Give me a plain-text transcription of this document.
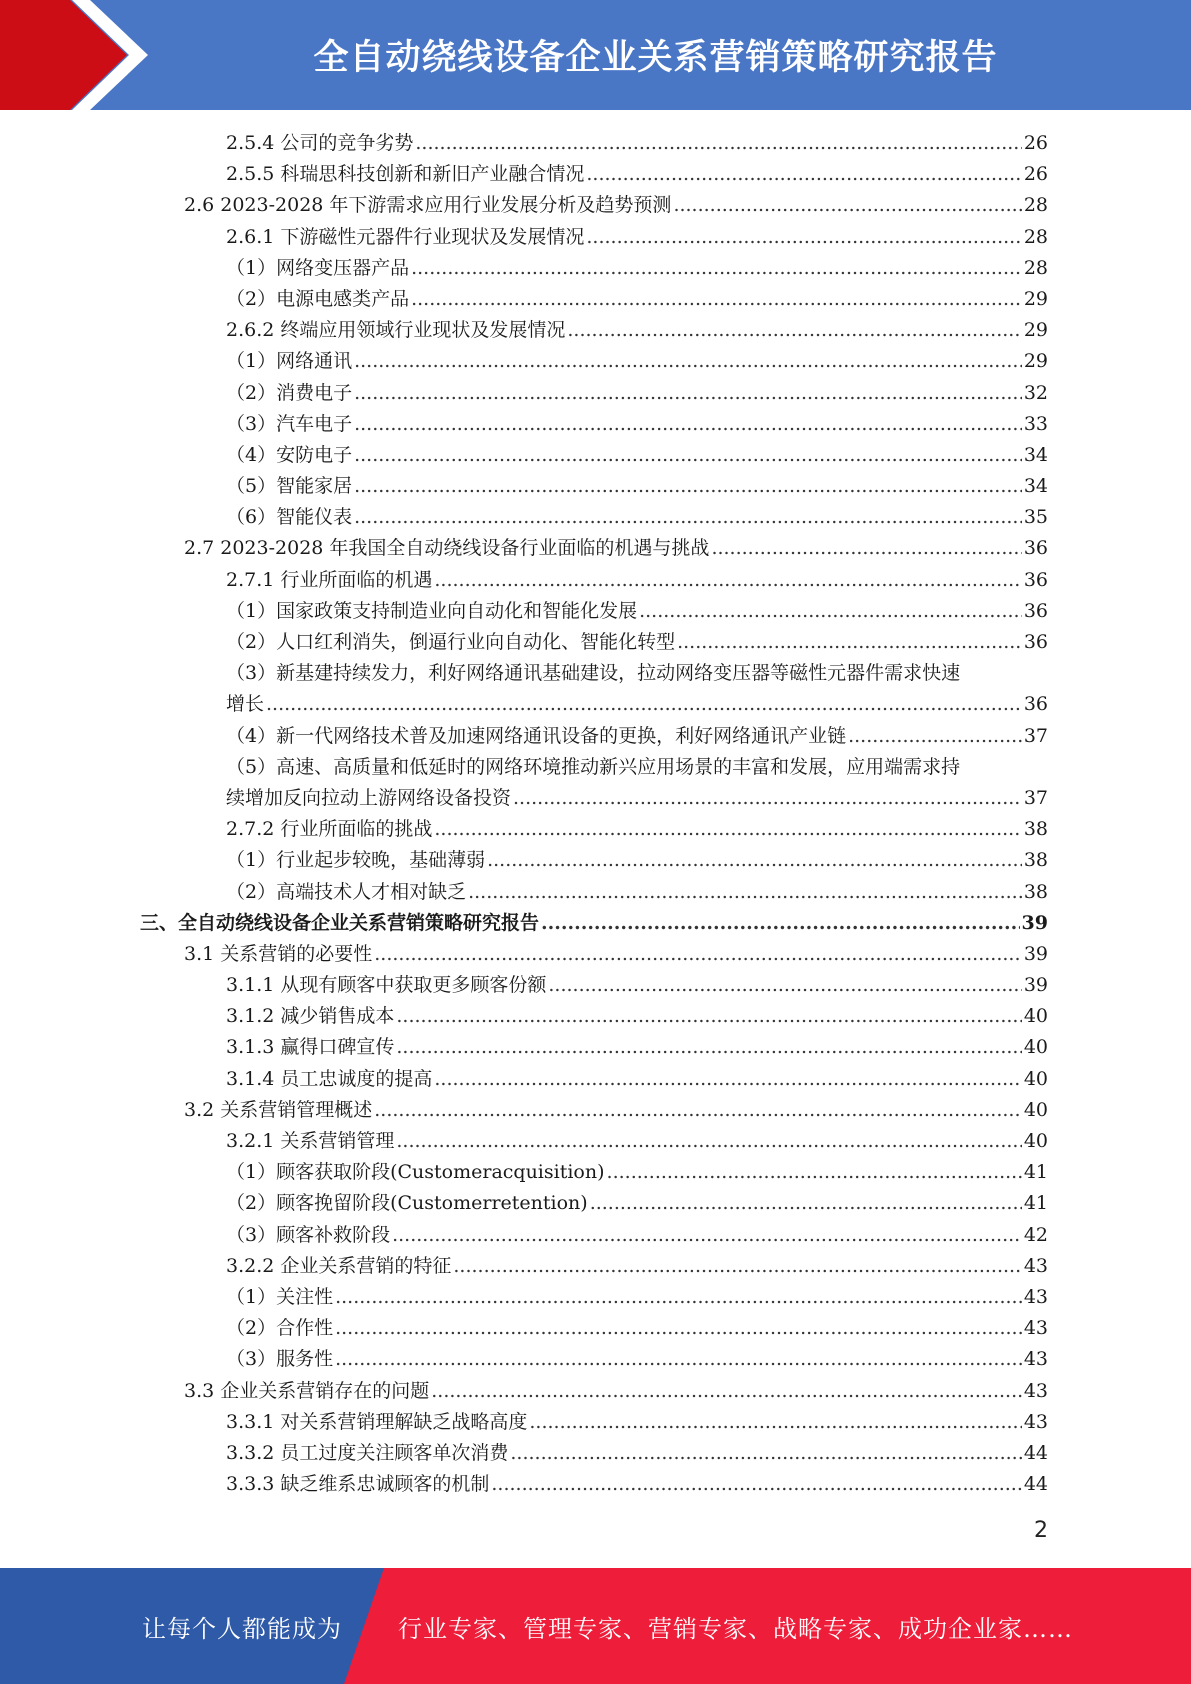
全自动绕线设备企业关系营销策略研究报告
2.5.4 公司的竞争劣势 .....	26
2.5.5 科瑞思科技创新和新旧产业融合情况 .....	26
2.6 2023-2028 年下游需求应用行业发展分析及趋势预测 .....	28
2.6.1 下游磁性元器件行业现状及发展情况 .....	28
（1）网络变压器产品 .....	28
（2）电源电感类产品 .....	29
2.6.2 终端应用领域行业现状及发展情况 .....	29
（1）网络通讯 .....	29
（2）消费电子 .....	32
（3）汽车电子 .....	33
（4）安防电子 .....	34
（5）智能家居 .....	34
（6）智能仪表 .....	35
2.7 2023-2028 年我国全自动绕线设备行业面临的机遇与挑战 .....	36
2.7.1 行业所面临的机遇 .....	36
（1）国家政策支持制造业向自动化和智能化发展 .....	36
（2）人口红利消失，倒逼行业向自动化、智能化转型 .....	36
（3）新基建持续发力，利好网络通讯基础建设，拉动网络变压器等磁性元器件需求快速
增长 .....	36
（4）新一代网络技术普及加速网络通讯设备的更换，利好网络通讯产业链 .....	37
（5）高速、高质量和低延时的网络环境推动新兴应用场景的丰富和发展，应用端需求持
续增加反向拉动上游网络设备投资 .....	37
2.7.2 行业所面临的挑战 .....	38
（1）行业起步较晚，基础薄弱 .....	38
（2）高端技术人才相对缺乏 .....	38
三、全自动绕线设备企业关系营销策略研究报告 .....	39
3.1 关系营销的必要性 .....	39
3.1.1 从现有顾客中获取更多顾客份额 .....	39
3.1.2 减少销售成本 .....	40
3.1.3 赢得口碑宣传 .....	40
3.1.4 员工忠诚度的提高 .....	40
3.2 关系营销管理概述 .....	40
3.2.1 关系营销管理 .....	40
（1）顾客获取阶段(Customeracquisition) .....	41
（2）顾客挽留阶段(Customerretention) .....	41
（3）顾客补救阶段 .....	42
3.2.2 企业关系营销的特征 .....	43
（1）关注性 .....	43
（2）合作性 .....	43
（3）服务性 .....	43
3.3 企业关系营销存在的问题 .....	43
3.3.1 对关系营销理解缺乏战略高度 .....	43
3.3.2 员工过度关注顾客单次消费 .....	44
3.3.3 缺乏维系忠诚顾客的机制 .....	44
2
让每个人都能成为 行业专家、管理专家、营销专家、战略专家、成功企业家……
